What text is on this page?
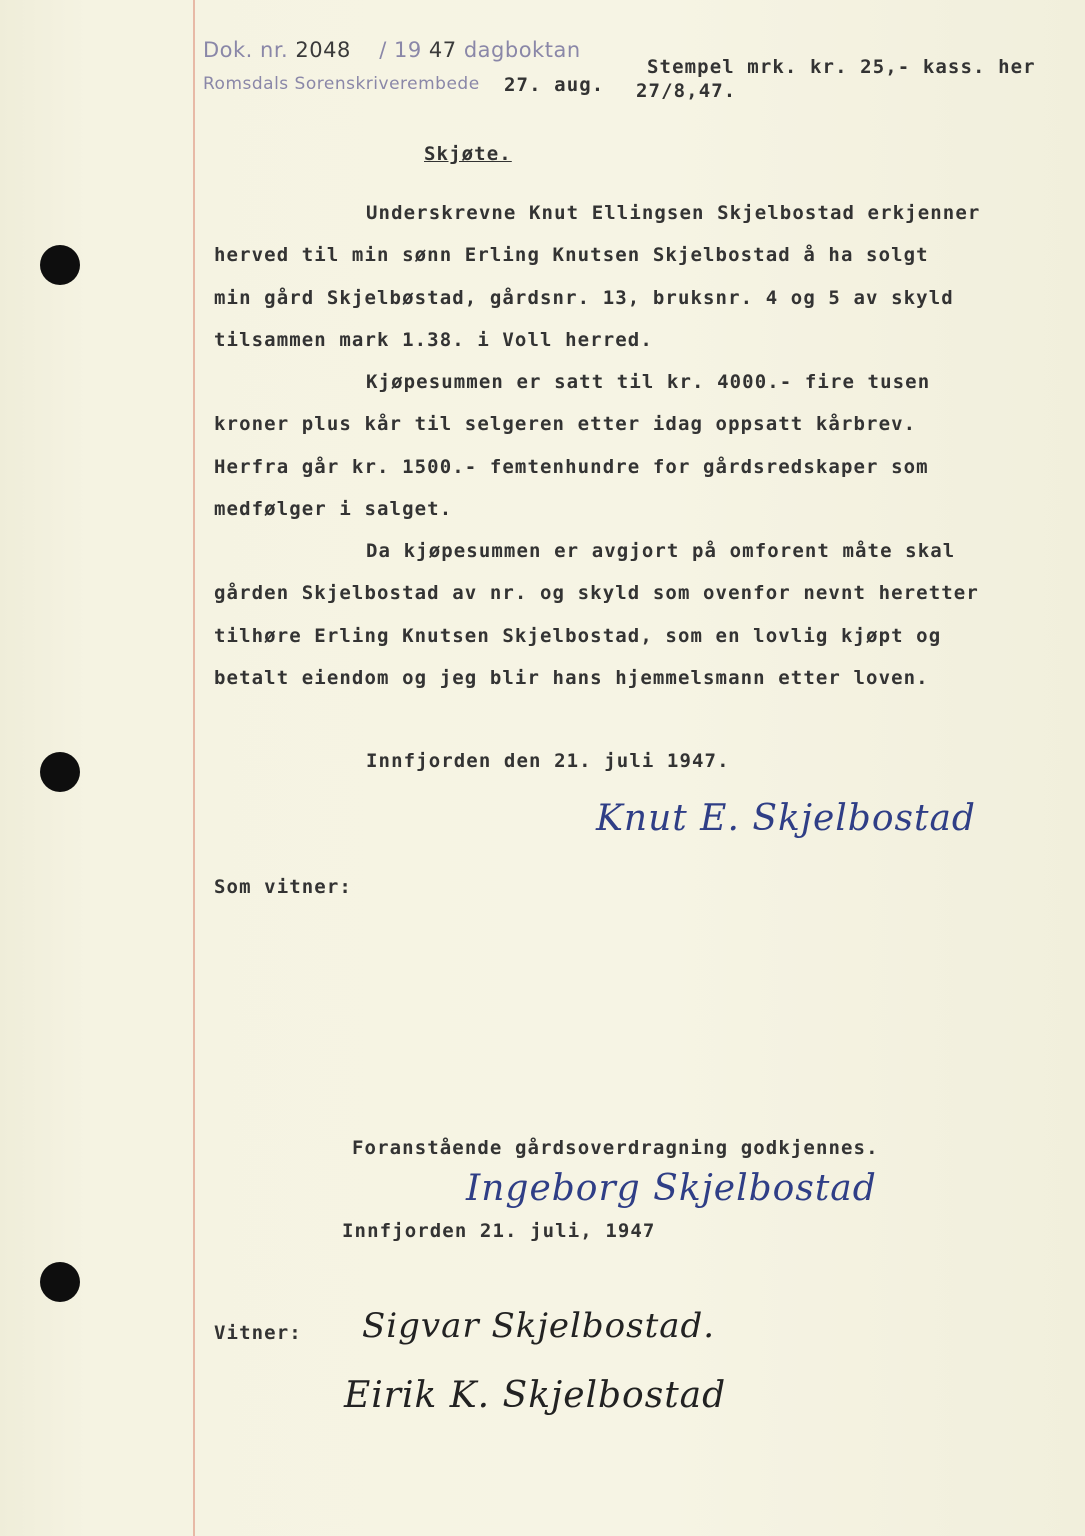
Dok. nr. 2048 / 19 47 dagboktan
Romsdals Sorenskriverembede 27. aug.
Stempel mrk. kr. 25,- kass. her
27/8,47.
Skjøte.
Underskrevne Knut Ellingsen Skjelbostad erkjenner
herved til min sønn Erling Knutsen Skjelbostad å ha solgt
min gård Skjelbøstad, gårdsnr. 13, bruksnr. 4 og 5 av skyld
tilsammen mark 1.38. i Voll herred.
Kjøpesummen er satt til kr. 4000.- fire tusen
kroner plus kår til selgeren etter idag oppsatt kårbrev.
Herfra går kr. 1500.- femtenhundre for gårdsredskaper som
medfølger i salget.
Da kjøpesummen er avgjort på omforent måte skal
gården Skjelbostad av nr. og skyld som ovenfor nevnt heretter
tilhøre Erling Knutsen Skjelbostad, som en lovlig kjøpt og
betalt eiendom og jeg blir hans hjemmelsmann etter loven.
Innfjorden den 21. juli 1947.
Knut E. Skjelbostad
Som vitner:
Foranstående gårdsoverdragning godkjennes.
Ingeborg Skjelbostad
Innfjorden 21. juli, 1947
Vitner: Sigvar Skjelbostad.
Eirik K. Skjelbostad
